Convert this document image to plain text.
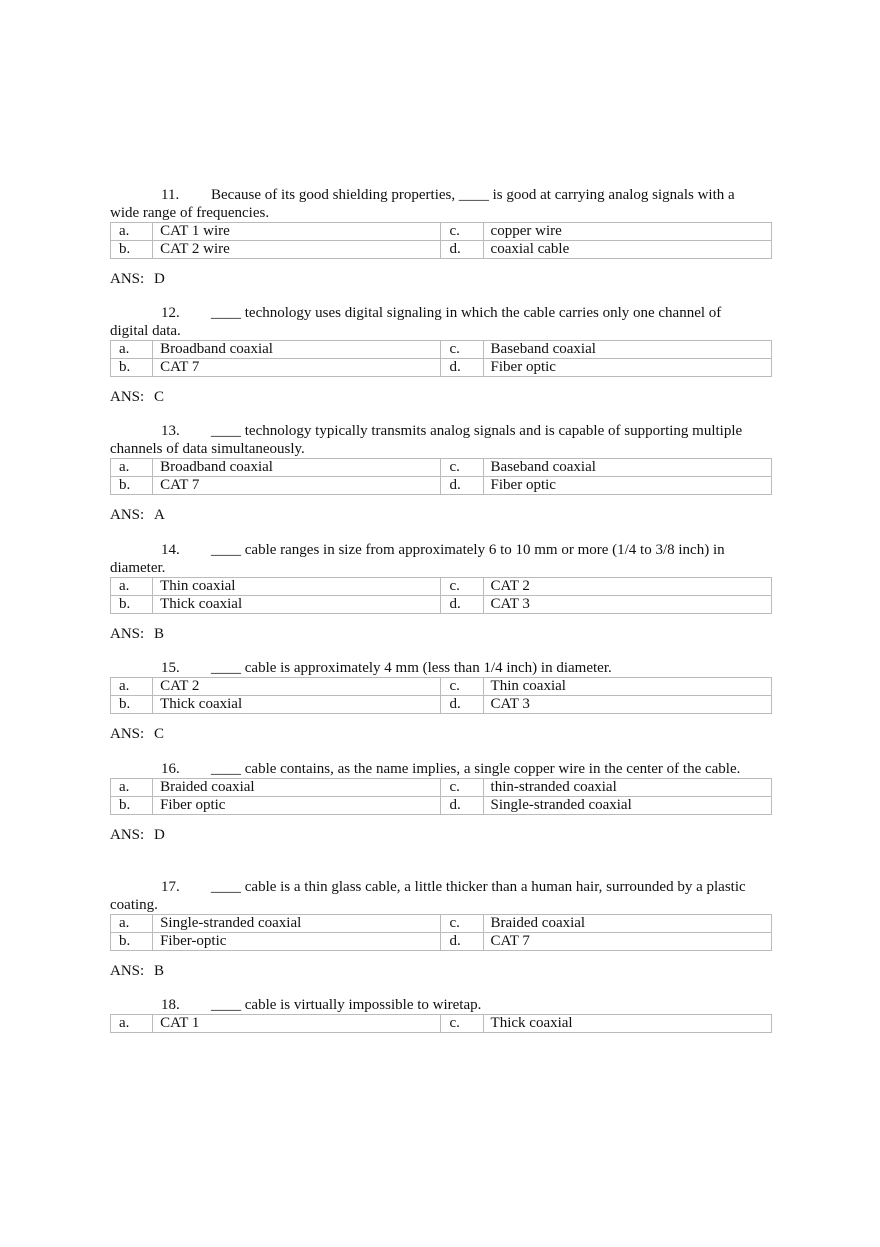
11. Because of its good shielding properties, ____ is good at carrying analog signals with a wide range of frequencies.

a.	CAT 1 wire	c.	copper wire
b.	CAT 2 wire	d.	coaxial cable

ANS: D

12. ____ technology uses digital signaling in which the cable carries only one channel of digital data.

a.	Broadband coaxial	c.	Baseband coaxial
b.	CAT 7	d.	Fiber optic

ANS: C

13. ____ technology typically transmits analog signals and is capable of supporting multiple channels of data simultaneously.

a.	Broadband coaxial	c.	Baseband coaxial
b.	CAT 7	d.	Fiber optic

ANS: A

14. ____ cable ranges in size from approximately 6 to 10 mm or more (1/4 to 3/8 inch) in diameter.

a.	Thin coaxial	c.	CAT 2
b.	Thick coaxial	d.	CAT 3

ANS: B

15. ____ cable is approximately 4 mm (less than 1/4 inch) in diameter.

a.	CAT 2	c.	Thin coaxial
b.	Thick coaxial	d.	CAT 3

ANS: C

16. ____ cable contains, as the name implies, a single copper wire in the center of the cable.

a.	Braided coaxial	c.	thin-stranded coaxial
b.	Fiber optic	d.	Single-stranded coaxial

ANS: D

17. ____ cable is a thin glass cable, a little thicker than a human hair, surrounded by a plastic coating.

a.	Single-stranded coaxial	c.	Braided coaxial
b.	Fiber-optic	d.	CAT 7

ANS: B

18. ____ cable is virtually impossible to wiretap.

a.	CAT 1	c.	Thick coaxial
